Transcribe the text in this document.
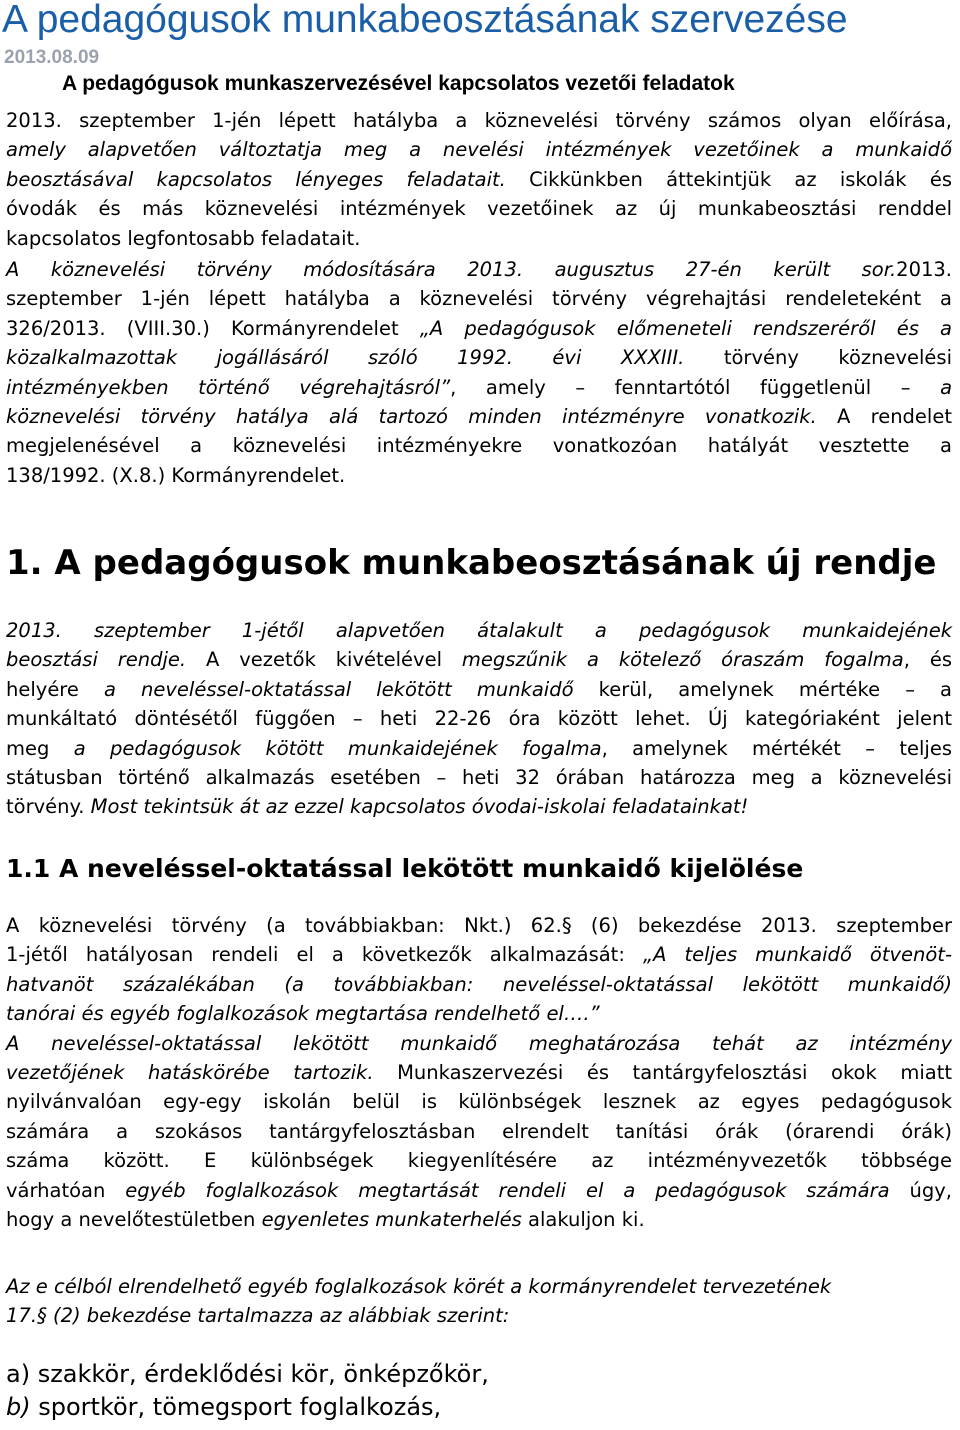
A pedagógusok munkabeosztásának szervezése
2013.08.09
A pedagógusok munkaszervezésével kapcsolatos vezetői feladatok
2013. szeptember 1-jén lépett hatályba a köznevelési törvény számos olyan előírása,
amely alapvetően változtatja meg a nevelési intézmények vezetőinek a munkaidő
beosztásával kapcsolatos lényeges feladatait. Cikkünkben áttekintjük az iskolák és
óvodák és más köznevelési intézmények vezetőinek az új munkabeosztási renddel
kapcsolatos legfontosabb feladatait.
A köznevelési törvény módosítására 2013. augusztus 27-én került sor.2013.
szeptember 1-jén lépett hatályba a köznevelési törvény végrehajtási rendeleteként a
326/2013. (VIII.30.) Kormányrendelet „A pedagógusok előmeneteli rendszeréről és a
közalkalmazottak jogállásáról szóló 1992. évi XXXIII. törvény köznevelési
intézményekben történő végrehajtásról”, amely – fenntartótól függetlenül – a
köznevelési törvény hatálya alá tartozó minden intézményre vonatkozik. A rendelet
megjelenésével a köznevelési intézményekre vonatkozóan hatályát vesztette a
138/1992. (X.8.) Kormányrendelet.
1. A pedagógusok munkabeosztásának új rendje
2013. szeptember 1-jétől alapvetően átalakult a pedagógusok munkaidejének
beosztási rendje. A vezetők kivételével megszűnik a kötelező óraszám fogalma, és
helyére a neveléssel-oktatással lekötött munkaidő kerül, amelynek mértéke – a
munkáltató döntésétől függően – heti 22-26 óra között lehet. Új kategóriaként jelent
meg a pedagógusok kötött munkaidejének fogalma, amelynek mértékét – teljes
státusban történő alkalmazás esetében – heti 32 órában határozza meg a köznevelési
törvény. Most tekintsük át az ezzel kapcsolatos óvodai-iskolai feladatainkat!
1.1 A neveléssel-oktatással lekötött munkaidő kijelölése
A köznevelési törvény (a továbbiakban: Nkt.) 62.§ (6) bekezdése 2013. szeptember
1-jétől hatályosan rendeli el a következők alkalmazását: „A teljes munkaidő ötvenöt-
hatvanöt százalékában (a továbbiakban: neveléssel-oktatással lekötött munkaidő)
tanórai és egyéb foglalkozások megtartása rendelhető el….”
A neveléssel-oktatással lekötött munkaidő meghatározása tehát az intézmény
vezetőjének hatáskörébe tartozik. Munkaszervezési és tantárgyfelosztási okok miatt
nyilvánvalóan egy-egy iskolán belül is különbségek lesznek az egyes pedagógusok
számára a szokásos tantárgyfelosztásban elrendelt tanítási órák (órarendi órák)
száma között. E különbségek kiegyenlítésére az intézményvezetők többsége
várhatóan egyéb foglalkozások megtartását rendeli el a pedagógusok számára úgy,
hogy a nevelőtestületben egyenletes munkaterhelés alakuljon ki.
Az e célból elrendelhető egyéb foglalkozások körét a kormányrendelet tervezetének
17.§ (2) bekezdése tartalmazza az alábbiak szerint:
a) szakkör, érdeklődési kör, önképzőkör,
b) sportkör, tömegsport foglalkozás,
